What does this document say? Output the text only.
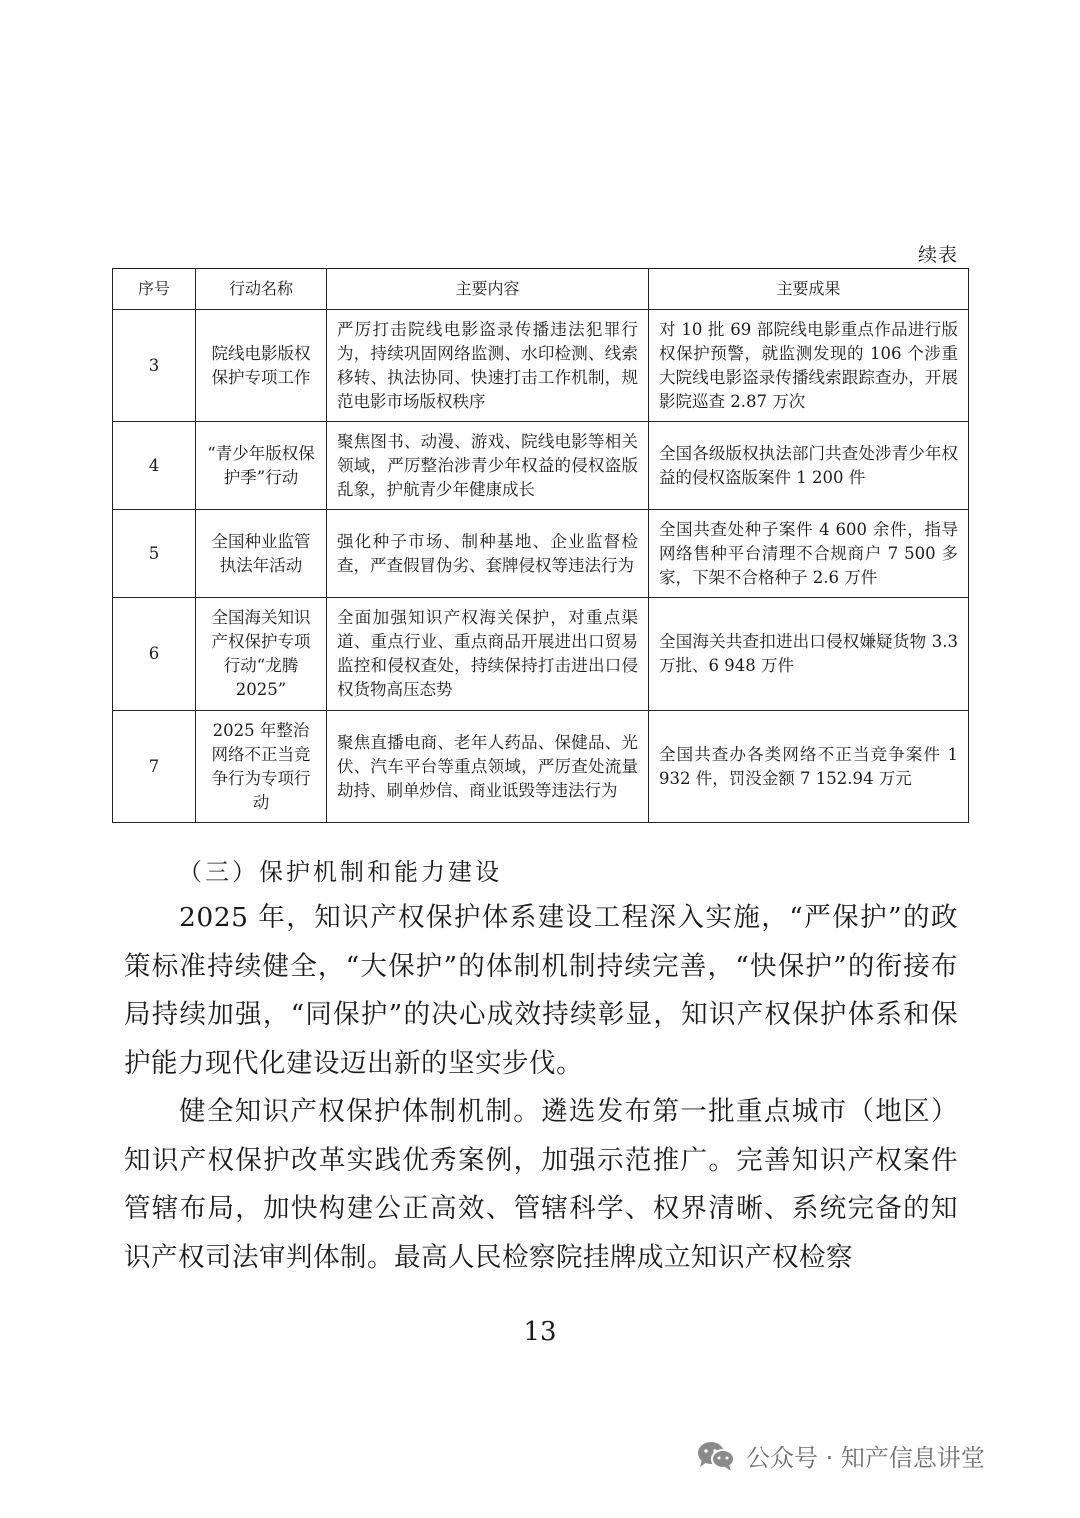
续表
序号	行动名称	主要内容	主要成果
3	院线电影版权保护专项工作	严厉打击院线电影盗录传播违法犯罪行为，持续巩固网络监测、水印检测、线索移转、执法协同、快速打击工作机制，规范电影市场版权秩序	对 10 批 69 部院线电影重点作品进行版权保护预警，就监测发现的 106 个涉重大院线电影盗录传播线索跟踪查办，开展影院巡查 2.87 万次
4	“青少年版权保护季”行动	聚焦图书、动漫、游戏、院线电影等相关领域，严厉整治涉青少年权益的侵权盗版乱象，护航青少年健康成长	全国各级版权执法部门共查处涉青少年权益的侵权盗版案件 1 200 件
5	全国种业监管执法年活动	强化种子市场、制种基地、企业监督检查，严查假冒伪劣、套牌侵权等违法行为	全国共查处种子案件 4 600 余件，指导网络售种平台清理不合规商户 7 500 多家，下架不合格种子 2.6 万件
6	全国海关知识产权保护专项行动“龙腾 2025”	全面加强知识产权海关保护，对重点渠道、重点行业、重点商品开展进出口贸易监控和侵权查处，持续保持打击进出口侵权货物高压态势	全国海关共查扣进出口侵权嫌疑货物 3.3 万批、6 948 万件
7	2025 年整治网络不正当竞争行为专项行动	聚焦直播电商、老年人药品、保健品、光伏、汽车平台等重点领域，严厉查处流量劫持、刷单炒信、商业诋毁等违法行为	全国共查办各类网络不正当竞争案件 1 932 件，罚没金额 7 152.94 万元
（三）保护机制和能力建设

2025 年，知识产权保护体系建设工程深入实施，“严保护”的政策标准持续健全，“大保护”的体制机制持续完善，“快保护”的衔接布局持续加强，“同保护”的决心成效持续彰显，知识产权保护体系和保护能力现代化建设迈出新的坚实步伐。

健全知识产权保护体制机制。遴选发布第一批重点城市（地区）知识产权保护改革实践优秀案例，加强示范推广。完善知识产权案件管辖布局，加快构建公正高效、管辖科学、权界清晰、系统完备的知识产权司法审判体制。最高人民检察院挂牌成立知识产权检察

13
公众号 · 知产信息讲堂
